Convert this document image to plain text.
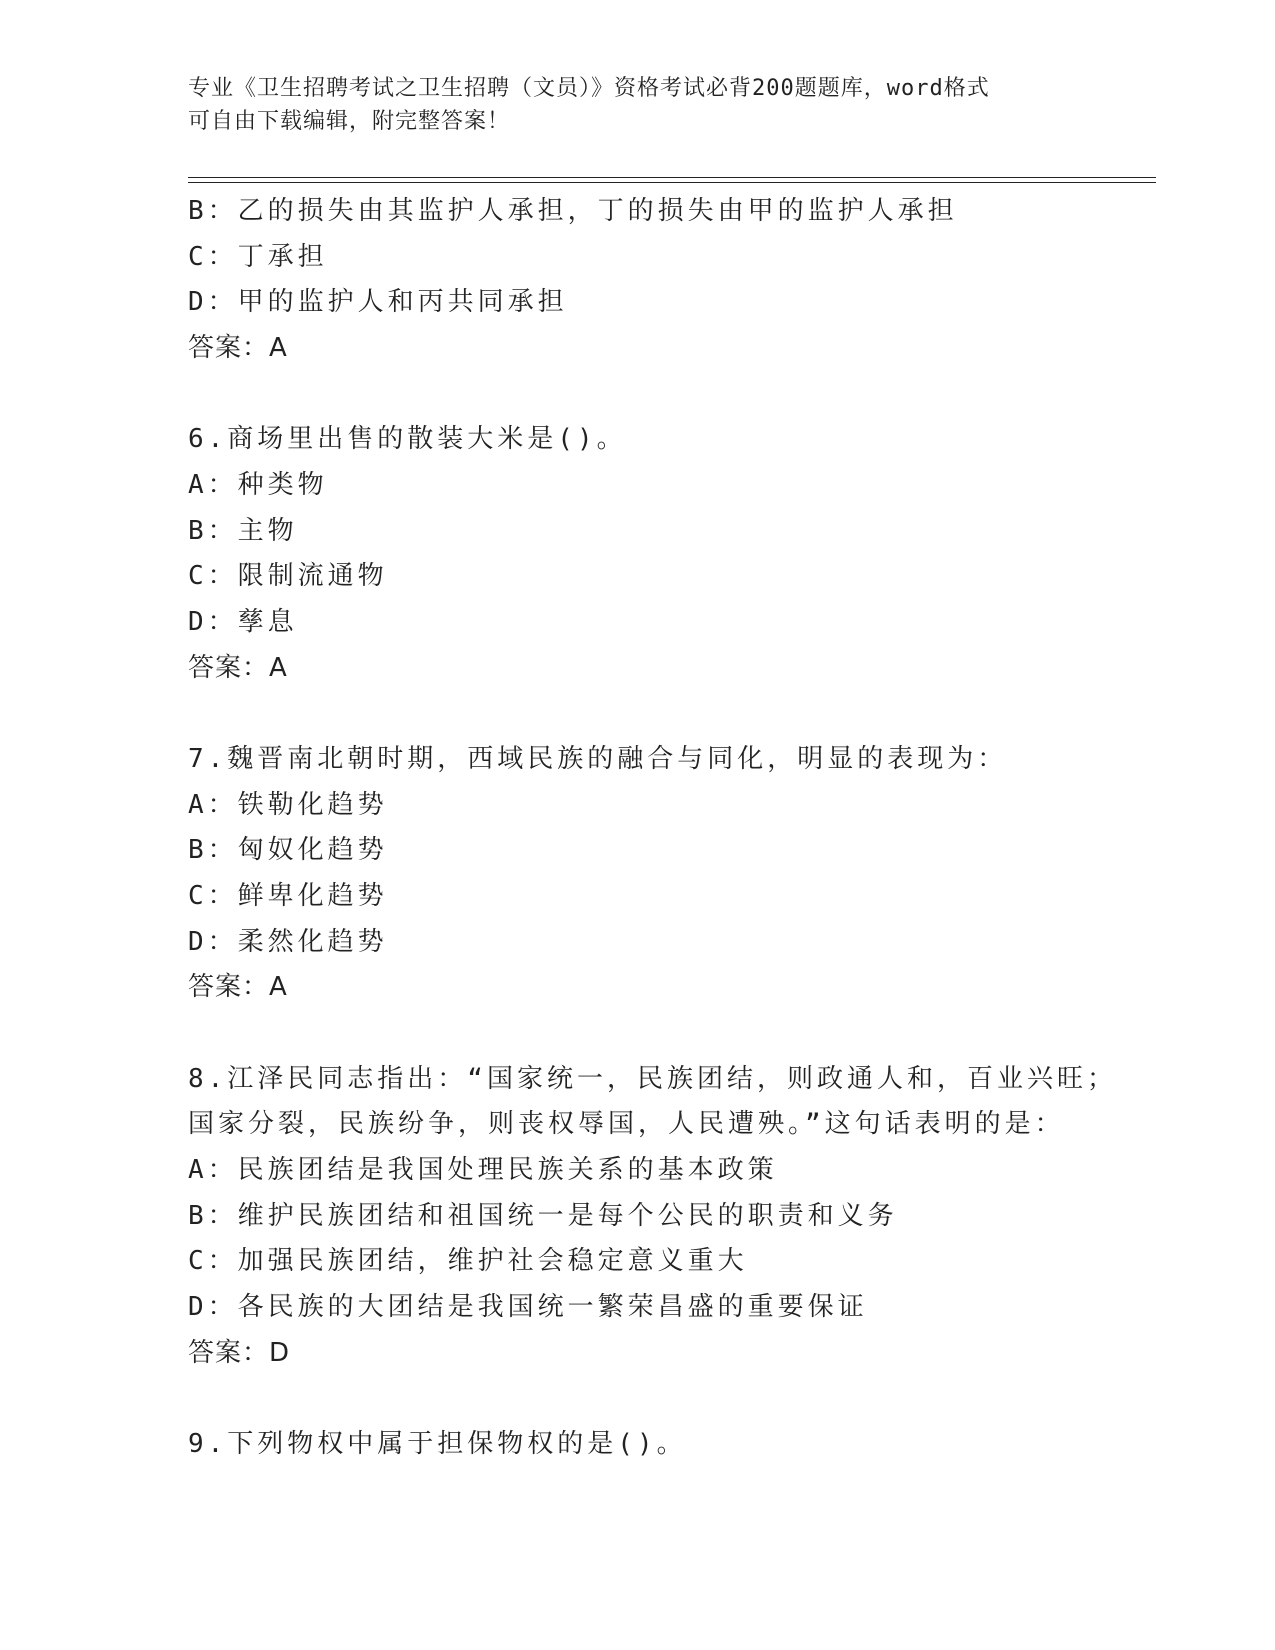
专业《卫生招聘考试之卫生招聘（文员）》资格考试必背200题题库，word格式
可自由下载编辑，附完整答案！
B：乙的损失由其监护人承担，丁的损失由甲的监护人承担
C：丁承担
D：甲的监护人和丙共同承担
答案：A
6.商场里出售的散装大米是()。
A：种类物
B：主物
C：限制流通物
D：孳息
答案：A
7.魏晋南北朝时期，西域民族的融合与同化，明显的表现为：
A：铁勒化趋势
B：匈奴化趋势
C：鲜卑化趋势
D：柔然化趋势
答案：A
8.江泽民同志指出：“国家统一，民族团结，则政通人和，百业兴旺；
国家分裂，民族纷争，则丧权辱国，人民遭殃。”这句话表明的是：
A：民族团结是我国处理民族关系的基本政策
B：维护民族团结和祖国统一是每个公民的职责和义务
C：加强民族团结，维护社会稳定意义重大
D：各民族的大团结是我国统一繁荣昌盛的重要保证
答案：D
9.下列物权中属于担保物权的是()。
